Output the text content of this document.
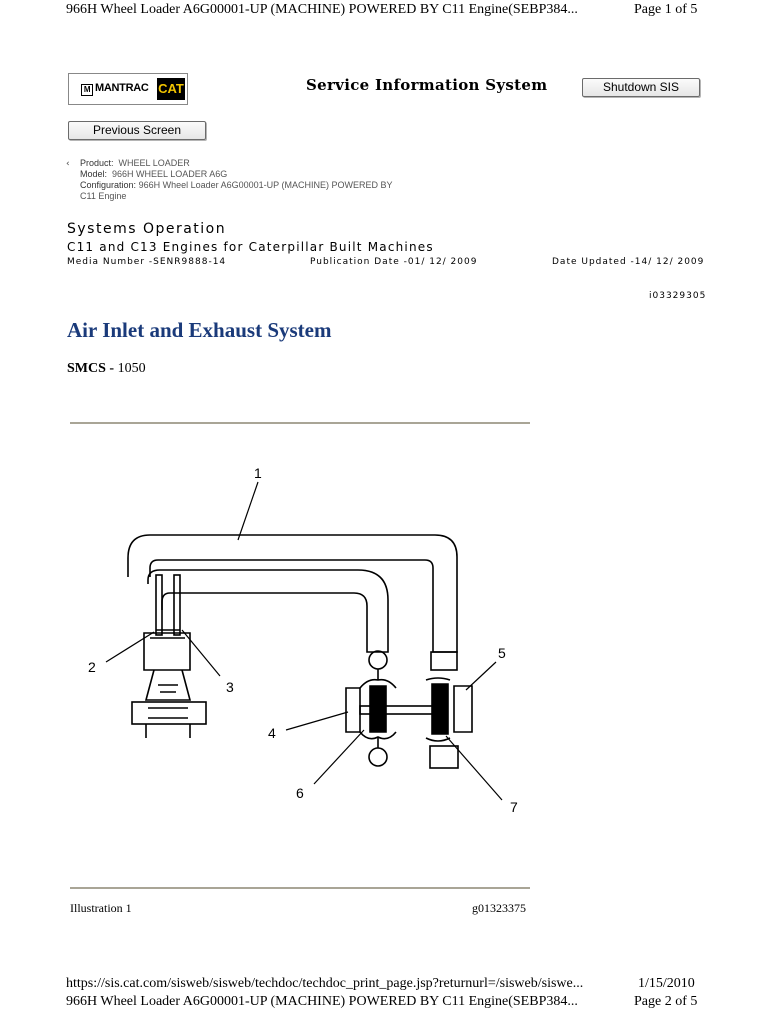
966H Wheel Loader A6G00001-UP (MACHINE) POWERED BY C11 Engine(SEBP384...	Page 1 of 5
M MANTRAC CAT	Service Information System	Shutdown SIS
Previous Screen
‹ Product: WHEEL LOADER
Model: 966H WHEEL LOADER A6G
Configuration: 966H Wheel Loader A6G00001-UP (MACHINE) POWERED BY
C11 Engine
Systems Operation
C11 and C13 Engines for Caterpillar Built Machines
Media Number -SENR9888-14	Publication Date -01/ 12/ 2009	Date Updated -14/ 12/ 2009
i03329305
Air Inlet and Exhaust System
SMCS - 1050
1
2
3
4
5
6
7
Illustration 1	g01323375
https://sis.cat.com/sisweb/sisweb/techdoc/techdoc_print_page.jsp?returnurl=/sisweb/siswe...	1/15/2010
966H Wheel Loader A6G00001-UP (MACHINE) POWERED BY C11 Engine(SEBP384...	Page 2 of 5
